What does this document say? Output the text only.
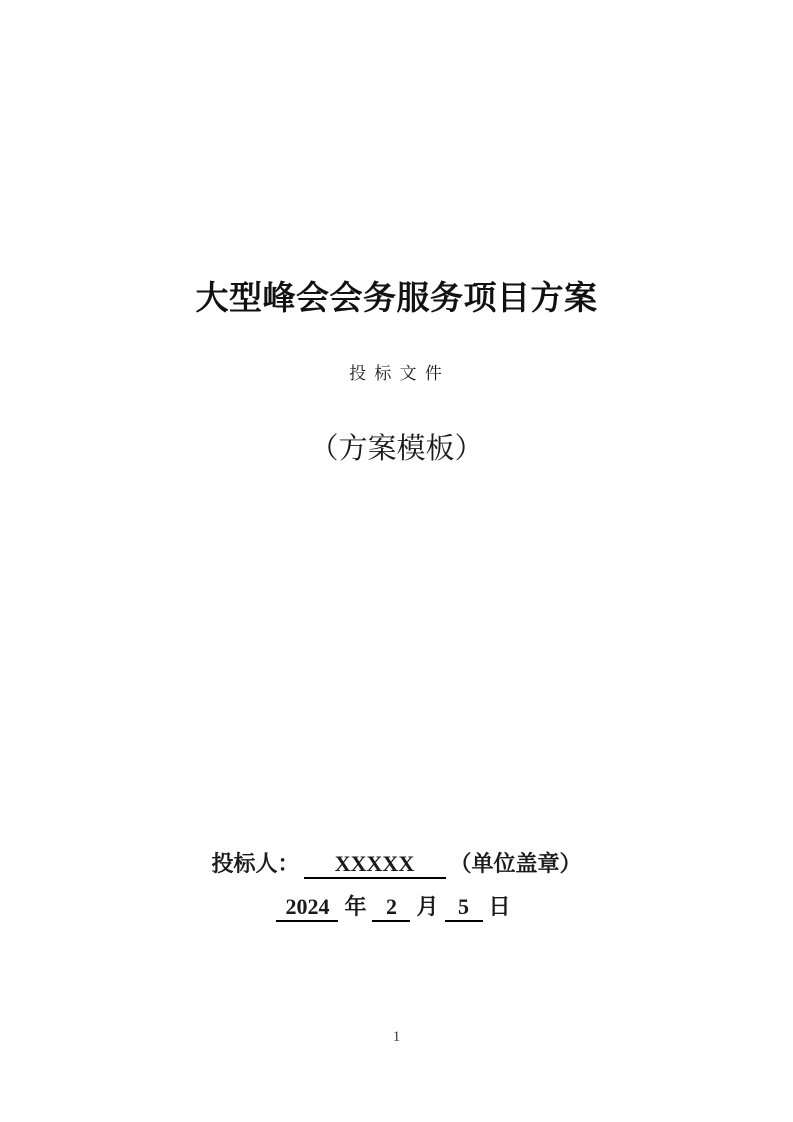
大型峰会会务服务项目方案
投 标 文 件
（方案模板）
投标人：	XXXXX	（单位盖章）
2024 年 2 月 5 日
1
